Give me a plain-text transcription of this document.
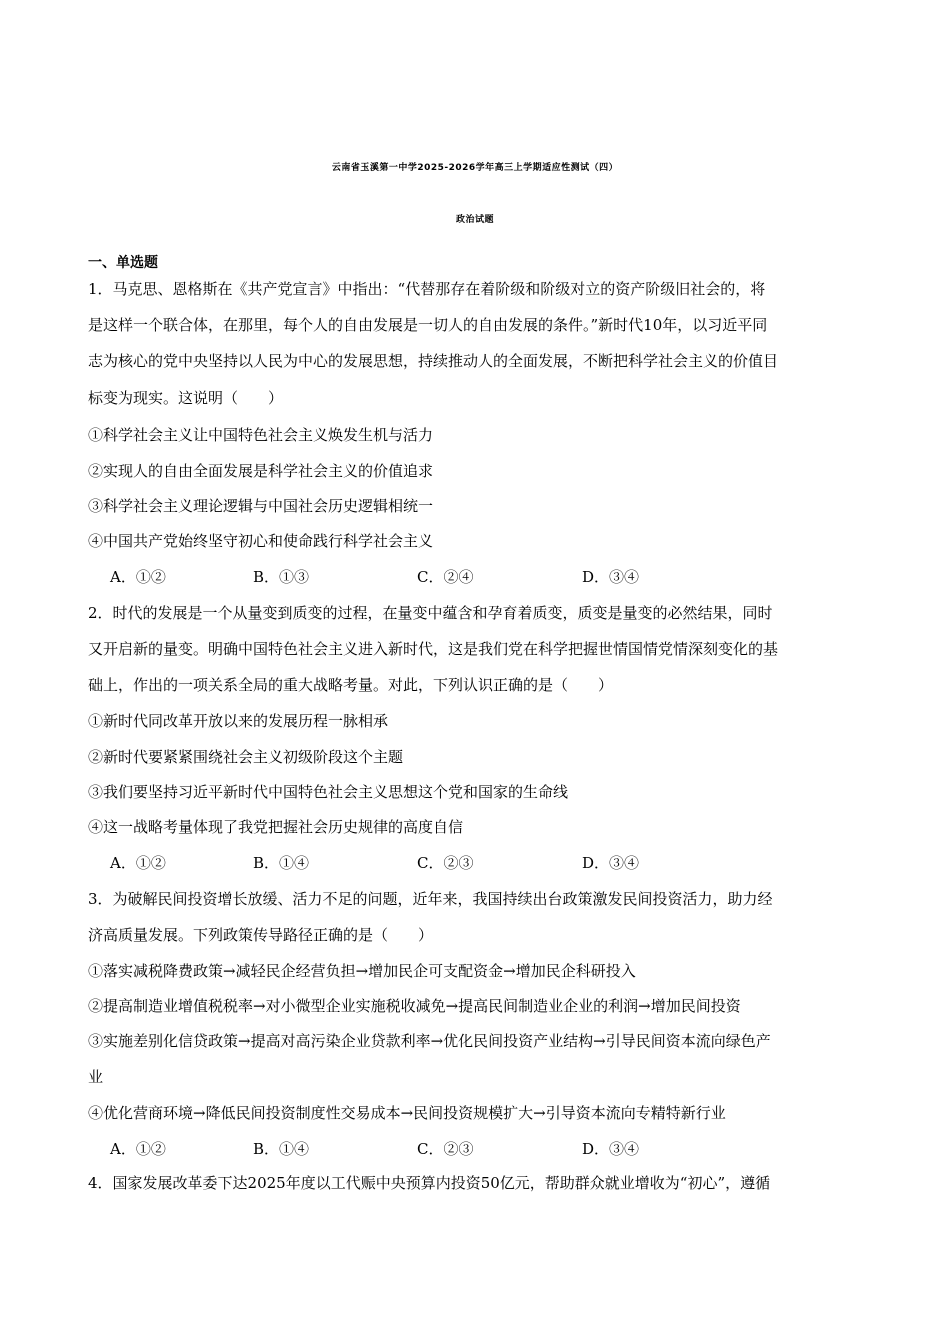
云南省玉溪第一中学2025-2026学年高三上学期适应性测试（四）
政治试题
一、单选题
1．马克思、恩格斯在《共产党宣言》中指出：“代替那存在着阶级和阶级对立的资产阶级旧社会的，将
是这样一个联合体，在那里，每个人的自由发展是一切人的自由发展的条件。”新时代10年，以习近平同
志为核心的党中央坚持以人民为中心的发展思想，持续推动人的全面发展，不断把科学社会主义的价值目
标变为现实。这说明（　　）
①科学社会主义让中国特色社会主义焕发生机与活力
②实现人的自由全面发展是科学社会主义的价值追求
③科学社会主义理论逻辑与中国社会历史逻辑相统一
④中国共产党始终坚守初心和使命践行科学社会主义
A．①②	B．①③	C．②④	D．③④
2．时代的发展是一个从量变到质变的过程，在量变中蕴含和孕育着质变，质变是量变的必然结果，同时
又开启新的量变。明确中国特色社会主义进入新时代，这是我们党在科学把握世情国情党情深刻变化的基
础上，作出的一项关系全局的重大战略考量。对此，下列认识正确的是（　　）
①新时代同改革开放以来的发展历程一脉相承
②新时代要紧紧围绕社会主义初级阶段这个主题
③我们要坚持习近平新时代中国特色社会主义思想这个党和国家的生命线
④这一战略考量体现了我党把握社会历史规律的高度自信
A．①②	B．①④	C．②③	D．③④
3．为破解民间投资增长放缓、活力不足的问题，近年来，我国持续出台政策激发民间投资活力，助力经
济高质量发展。下列政策传导路径正确的是（　　）
①落实减税降费政策→减轻民企经营负担→增加民企可支配资金→增加民企科研投入
②提高制造业增值税税率→对小微型企业实施税收减免→提高民间制造业企业的利润→增加民间投资
③实施差别化信贷政策→提高对高污染企业贷款利率→优化民间投资产业结构→引导民间资本流向绿色产
业
④优化营商环境→降低民间投资制度性交易成本→民间投资规模扩大→引导资本流向专精特新行业
A．①②	B．①④	C．②③	D．③④
4．国家发展改革委下达2025年度以工代赈中央预算内投资50亿元，帮助群众就业增收为“初心”，遵循
